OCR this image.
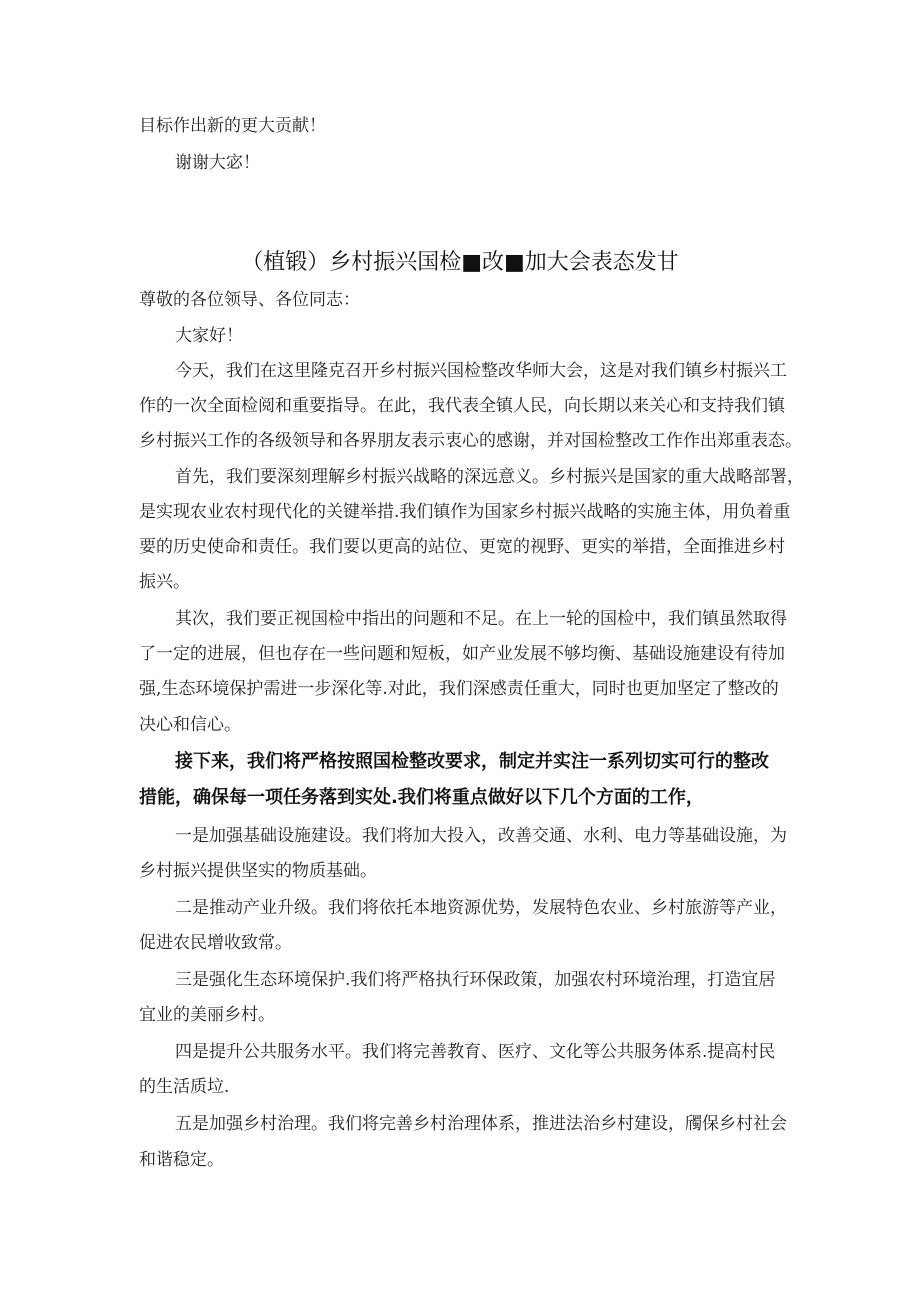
目标作出新的更大贡献！
谢谢大宓！
（植锻）乡村振兴国检■改■加大会表态发甘
尊敬的各位领导、各位同志：
大家好！
今天，我们在这里隆克召开乡村振兴国检整改华师大会，这是对我们镇乡村振兴工
作的一次全面检阅和重要指导。在此，我代表全镇人民，向长期以来关心和支持我们镇
乡村振兴工作的各级领导和各界朋友表示衷心的感谢，并对国检整改工作作出郑重表态。
首先，我们要深刻理解乡村振兴战略的深远意义。乡村振兴是国家的重大战略部署，
是实现农业农村现代化的关键举措.我们镇作为国家乡村振兴战略的实施主体，用负着重
要的历史使命和责任。我们要以更高的站位、更宽的视野、更实的举措，全面推进乡村
振兴。
其次，我们要正视国检中指出的问题和不足。在上一轮的国检中，我们镇虽然取得
了一定的进展，但也存在一些问题和短板，如产业发展不够均衡、基础设施建设有待加
强,生态环境保护需进一步深化等.对此，我们深感责任重大，同时也更加坚定了整改的
决心和信心。
接下来，我们将严格按照国检整改要求，制定并实注一系列切实可行的整改
措能，确保每一项任务落到实处.我们将重点做好以下几个方面的工作，
一是加强基础设施建设。我们将加大投入，改善交通、水利、电力等基础设施，为
乡村振兴提供坚实的物质基础。
二是推动产业升级。我们将依托本地资源优势，发展特色农业、乡村旅游等产业，
促进农民增收致常。
三是强化生态环境保护.我们将严格执行环保政策，加强农村环境治理，打造宜居
宜业的美丽乡村。
四是提升公共服务水平。我们将完善教育、医疗、文化等公共服务体系.提高村民
的生活质垃.
五是加强乡村治理。我们将完善乡村治理体系，推进法治乡村建设，斶保乡村社会
和谐稳定。
